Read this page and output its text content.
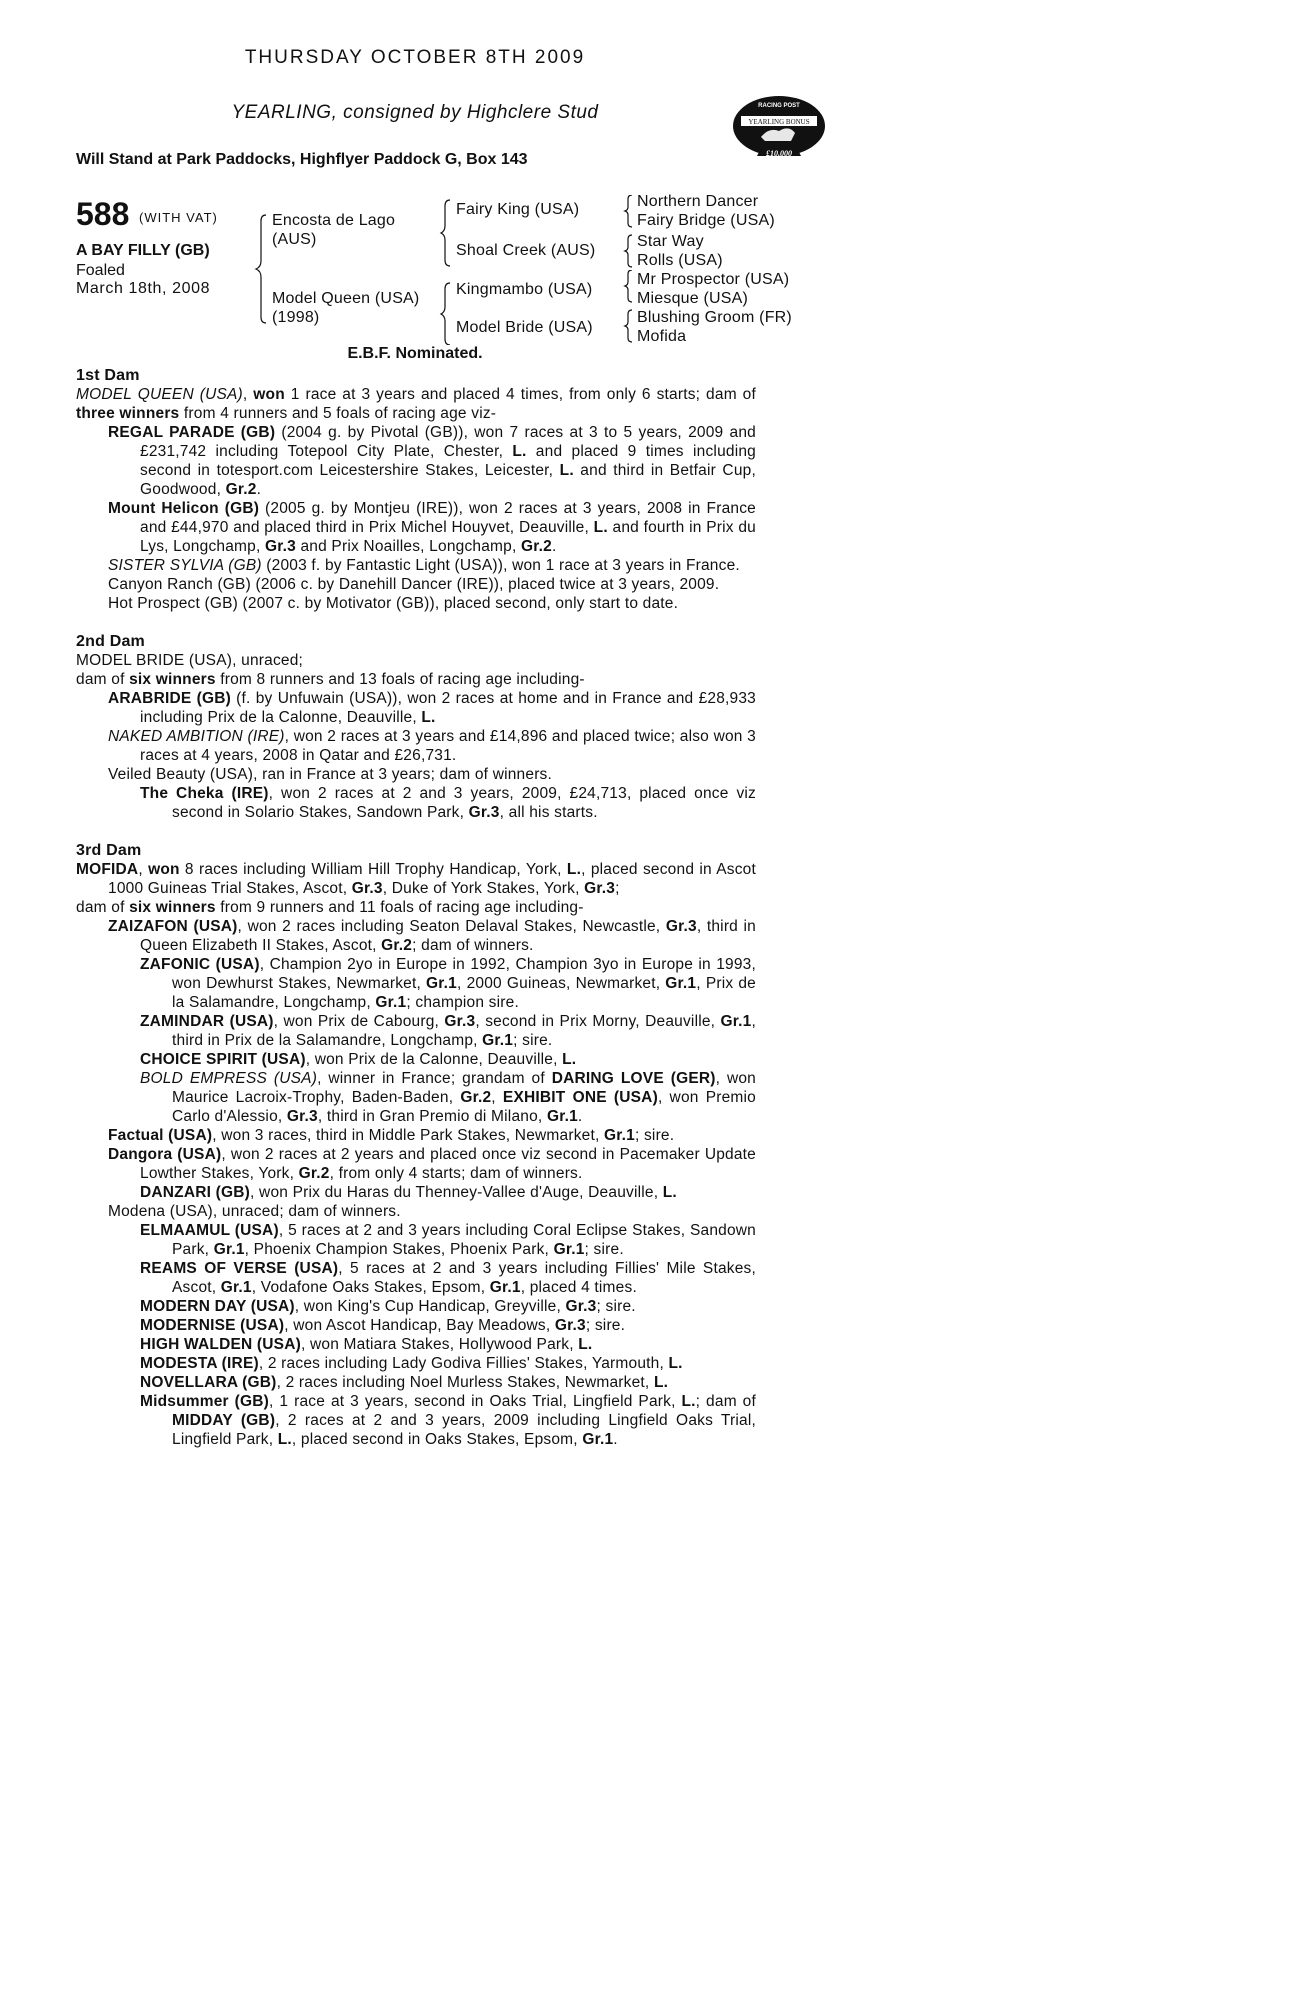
THURSDAY OCTOBER 8TH 2009
YEARLING, consigned by Highclere Stud
Will Stand at Park Paddocks, Highflyer Paddock G, Box 143
RACING POST
YEARLING BONUS
£10,000
588 (WITH VAT)
A BAY FILLY (GB)
Foaled
March 18th, 2008
Encosta de Lago
(AUS)
Model Queen (USA)
(1998)
Fairy King (USA)
Shoal Creek (AUS)
Kingmambo (USA)
Model Bride (USA)
Northern Dancer
Fairy Bridge (USA)
Star Way
Rolls (USA)
Mr Prospector (USA)
Miesque (USA)
Blushing Groom (FR)
Mofida
E.B.F. Nominated.

1st Dam

MODEL QUEEN (USA), won 1 race at 3 years and placed 4 times, from only 6 starts; dam of three winners from 4 runners and 5 foals of racing age viz-

REGAL PARADE (GB) (2004 g. by Pivotal (GB)), won 7 races at 3 to 5 years, 2009 and £231,742 including Totepool City Plate, Chester, L. and placed 9 times including second in totesport.com Leicestershire Stakes, Leicester, L. and third in Betfair Cup, Goodwood, Gr.2.

Mount Helicon (GB) (2005 g. by Montjeu (IRE)), won 2 races at 3 years, 2008 in France and £44,970 and placed third in Prix Michel Houyvet, Deauville, L. and fourth in Prix du Lys, Longchamp, Gr.3 and Prix Noailles, Longchamp, Gr.2.

SISTER SYLVIA (GB) (2003 f. by Fantastic Light (USA)), won 1 race at 3 years in France.

Canyon Ranch (GB) (2006 c. by Danehill Dancer (IRE)), placed twice at 3 years, 2009.

Hot Prospect (GB) (2007 c. by Motivator (GB)), placed second, only start to date.

2nd Dam

MODEL BRIDE (USA), unraced;
dam of six winners from 8 runners and 13 foals of racing age including-

ARABRIDE (GB) (f. by Unfuwain (USA)), won 2 races at home and in France and £28,933 including Prix de la Calonne, Deauville, L.

NAKED AMBITION (IRE), won 2 races at 3 years and £14,896 and placed twice; also won 3 races at 4 years, 2008 in Qatar and £26,731.

Veiled Beauty (USA), ran in France at 3 years; dam of winners.

The Cheka (IRE), won 2 races at 2 and 3 years, 2009, £24,713, placed once viz second in Solario Stakes, Sandown Park, Gr.3, all his starts.

3rd Dam

MOFIDA, won 8 races including William Hill Trophy Handicap, York, L., placed second in Ascot 1000 Guineas Trial Stakes, Ascot, Gr.3, Duke of York Stakes, York, Gr.3;

dam of six winners from 9 runners and 11 foals of racing age including-

ZAIZAFON (USA), won 2 races including Seaton Delaval Stakes, Newcastle, Gr.3, third in Queen Elizabeth II Stakes, Ascot, Gr.2; dam of winners.

ZAFONIC (USA), Champion 2yo in Europe in 1992, Champion 3yo in Europe in 1993, won Dewhurst Stakes, Newmarket, Gr.1, 2000 Guineas, Newmarket, Gr.1, Prix de la Salamandre, Longchamp, Gr.1; champion sire.

ZAMINDAR (USA), won Prix de Cabourg, Gr.3, second in Prix Morny, Deauville, Gr.1, third in Prix de la Salamandre, Longchamp, Gr.1; sire.

CHOICE SPIRIT (USA), won Prix de la Calonne, Deauville, L.

BOLD EMPRESS (USA), winner in France; grandam of DARING LOVE (GER), won Maurice Lacroix-Trophy, Baden-Baden, Gr.2, EXHIBIT ONE (USA), won Premio Carlo d'Alessio, Gr.3, third in Gran Premio di Milano, Gr.1.

Factual (USA), won 3 races, third in Middle Park Stakes, Newmarket, Gr.1; sire.

Dangora (USA), won 2 races at 2 years and placed once viz second in Pacemaker Update Lowther Stakes, York, Gr.2, from only 4 starts; dam of winners.

DANZARI (GB), won Prix du Haras du Thenney-Vallee d'Auge, Deauville, L.

Modena (USA), unraced; dam of winners.

ELMAAMUL (USA), 5 races at 2 and 3 years including Coral Eclipse Stakes, Sandown Park, Gr.1, Phoenix Champion Stakes, Phoenix Park, Gr.1; sire.

REAMS OF VERSE (USA), 5 races at 2 and 3 years including Fillies' Mile Stakes, Ascot, Gr.1, Vodafone Oaks Stakes, Epsom, Gr.1, placed 4 times.

MODERN DAY (USA), won King's Cup Handicap, Greyville, Gr.3; sire.

MODERNISE (USA), won Ascot Handicap, Bay Meadows, Gr.3; sire.

HIGH WALDEN (USA), won Matiara Stakes, Hollywood Park, L.

MODESTA (IRE), 2 races including Lady Godiva Fillies' Stakes, Yarmouth, L.

NOVELLARA (GB), 2 races including Noel Murless Stakes, Newmarket, L.

Midsummer (GB), 1 race at 3 years, second in Oaks Trial, Lingfield Park, L.; dam of MIDDAY (GB), 2 races at 2 and 3 years, 2009 including Lingfield Oaks Trial, Lingfield Park, L., placed second in Oaks Stakes, Epsom, Gr.1.
